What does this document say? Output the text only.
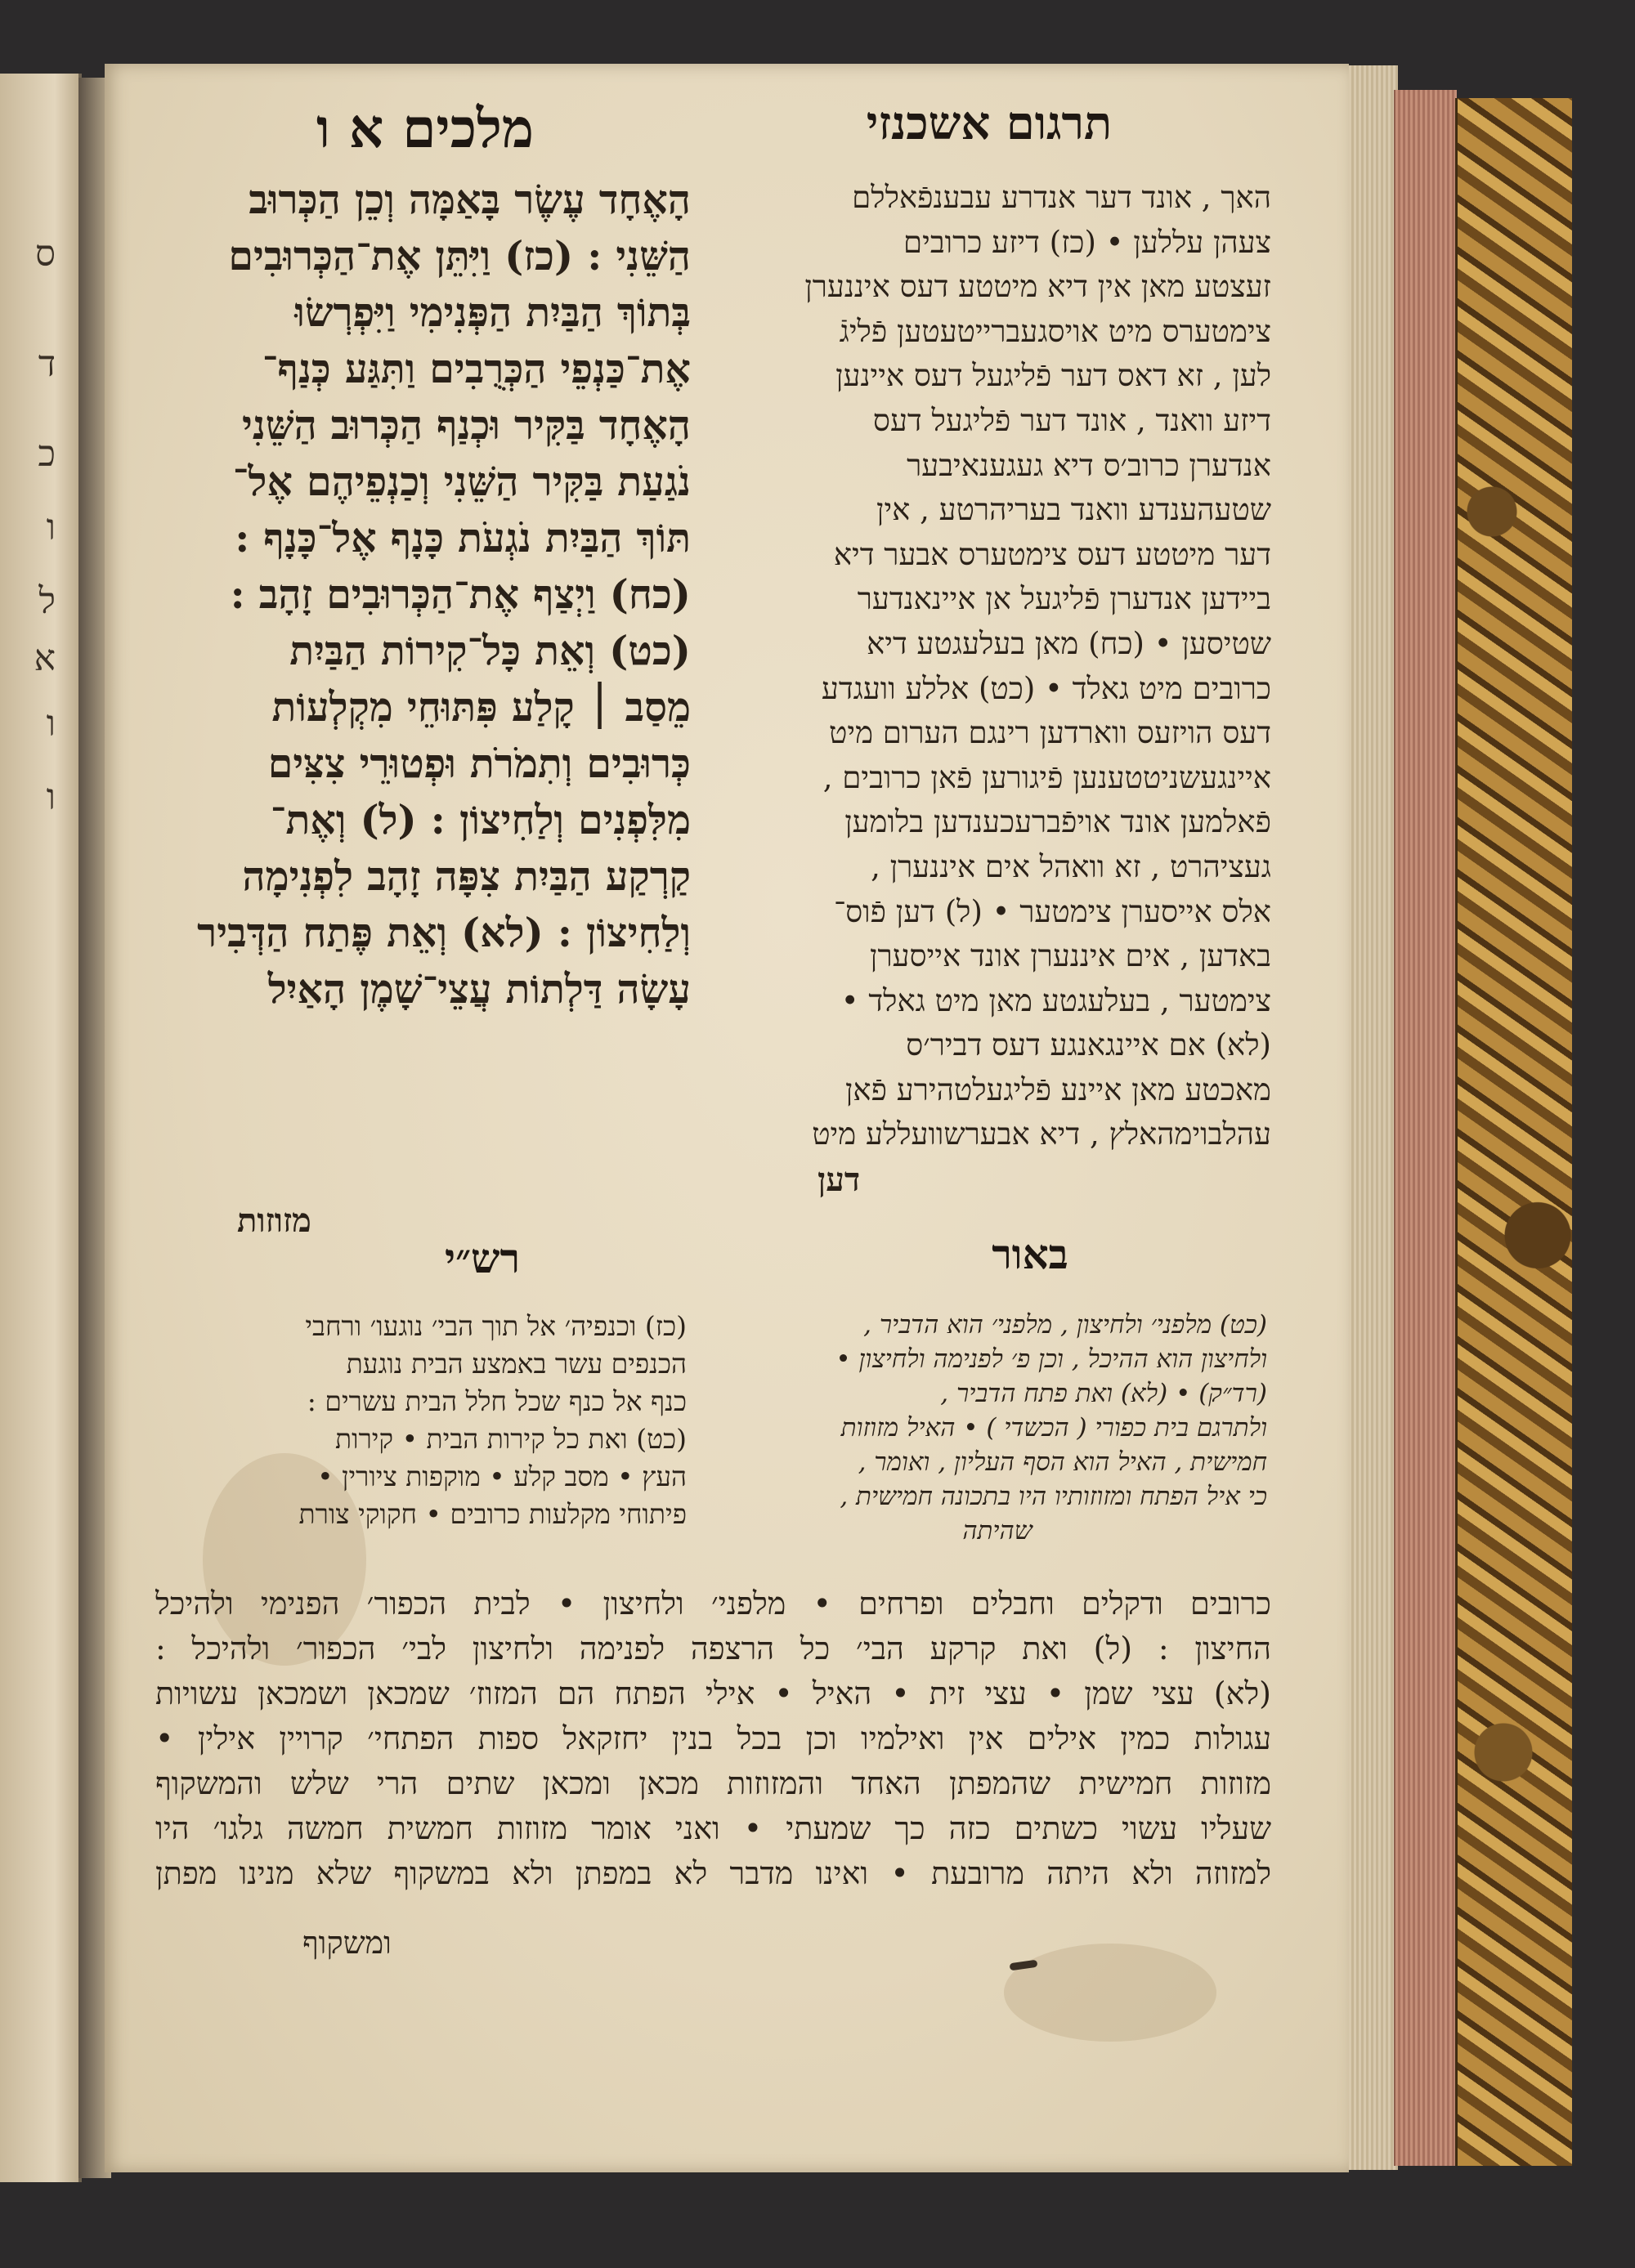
ס
ד
כ
ו
ל
א
ו
ו
תרגום אשכנזי
מלכים א ו
האך , אונד דער אנדרע עבענפֿאללם
צעהן עללען • (כז) דיזע כרובים
זעצטע מאן אין דיא מיטטע דעס איננערן
צימטערס מיט אויסגעברייטעטען פֿליגֿ
לען , זא דאס דער פֿליגעל דעס איינען
דיזע וואנד , אונד דער פֿליגעל דעס
אנדערן כרוב׳ס דיא געגענאיבער
שטעהענדע וואנד בעריהרטע , אין
דער מיטטע דעס צימטערס אבער דיא
ביידען אנדערן פֿליגעל אן איינאנדער
שטיסען • (כח) מאן בעלעגטע דיא
כרובים מיט גאלד • (כט) אללע וועגדע
דעס הויזעס ווארדען רינגם הערום מיט
איינגעשניטטענען פֿיגורען פֿאן כרובים ,
פֿאלמען אונד אויפֿברעכענדען בלומען
געציהרט , זא וואהל אים איננערן ,
אלס אייסערן צימטער • (ל) דען פֿוס־
באדען , אים איננערן אונד אייסערן
צימטער , בעלעגטע מאן מיט גאלד •
(לא) אם איינגאנגע דעס דביר׳ס
מאכטע מאן איינע פֿליגעלטהירע פֿאן
עהלבוימהאלץ , דיא אבערשוועללע מיט
דען
הָאֶחָד עֶשֶׂר בָּאַמָּה וְכֵן הַכְּרוּב
הַשֵּׁנִי : (כז) וַיִּתֵּן אֶת־הַכְּרוּבִים
בְּתוֹךְ הַבַּיִת הַפְּנִימִי וַיִּפְרְשׂוּ
אֶת־כַּנְפֵי הַכְּרֻבִים וַתִּגַּע כְּנַף־
הָאֶחָד בַּקִּיר וּכְנַף הַכְּרוּב הַשֵּׁנִי
נֹגַעַת בַּקִּיר הַשֵּׁנִי וְכַנְפֵיהֶם אֶל־
תּוֹךְ הַבַּיִת נֹגְעֹת כָּנָף אֶל־כָּנָף :
(כח) וַיְצַף אֶת־הַכְּרוּבִים זָהָב :
(כט) וְאֵת כָּל־קִירוֹת הַבַּיִת
מֵסַב ׀ קָלַע פִּתּוּחֵי מִקְלְעוֹת
כְּרוּבִים וְתִמֹרֹת וּפְטוּרֵי צִצִּים
מִלִּפְנִים וְלַחִיצוֹן : (ל) וְאֶת־
קַרְקַע הַבַּיִת צִפָּה זָהָב לִפְנִימָה
וְלַחִיצוֹן : (לא) וְאֵת פֶּתַח הַדְּבִיר
עָשָׂה דַּלְתוֹת עֲצֵי־שָׁמֶן הָאַיִל
מזוזות
רש״י	באור
(כז) וכנפיה׳ אל תוך הבי׳ נוגעו׳ ורחבי
הכנפים עשר באמצע הבית נוגעת
כנף אל כנף שכל חלל הבית עשרים :
(כט) ואת כל קירות הבית • קירות
העץ • מסב קלע • מוקפות ציורין •
פיתוחי מקלעות כרובים • חקוקי צורת
(כט) מלפני׳ ולחיצון , מלפני׳ הוא הדביר ,
ולחיצון הוא ההיכל , וכן פ׳ לפנימה ולחיצון •
(רד״ק) • (לא) ואת פתח הדביר ,
ולתרגם בית כפורי ( הכשדי ) • האיל מזוזות
חמישית , האיל הוא הסף העליון , ואומר ,
כי איל הפתח ומזוזותיו היו בתכונה חמישית ,
שהיתה
כרובים ודקלים וחבלים ופרחים • מלפני׳ ולחיצון • לבית הכפור׳ הפנימי ולהיכל
החיצון : (ל) ואת קרקע הבי׳ כל הרצפה לפנימה ולחיצון לבי׳ הכפור׳ ולהיכל :
(לא) עצי שמן • עצי זית • האיל • אילי הפתח הם המזוז׳ שמכאן ושמכאן עשויות
עגולות כמין אילים אין ואילמיו וכן בכל בנין יחזקאל ספות הפתחי׳ קרויין אילין •
מזוזות חמישית שהמפתן האחד והמזוזות מכאן ומכאן שתים הרי שלש והמשקוף
שעליו עשוי כשתים כזה כך שמעתי • ואני אומר מזוזות חמשית חמשה גלגו׳ היו
למזוזה ולא היתה מרובעת • ואינו מדבר לא במפתן ולא במשקוף שלא מנינו מפתן
ומשקוף
